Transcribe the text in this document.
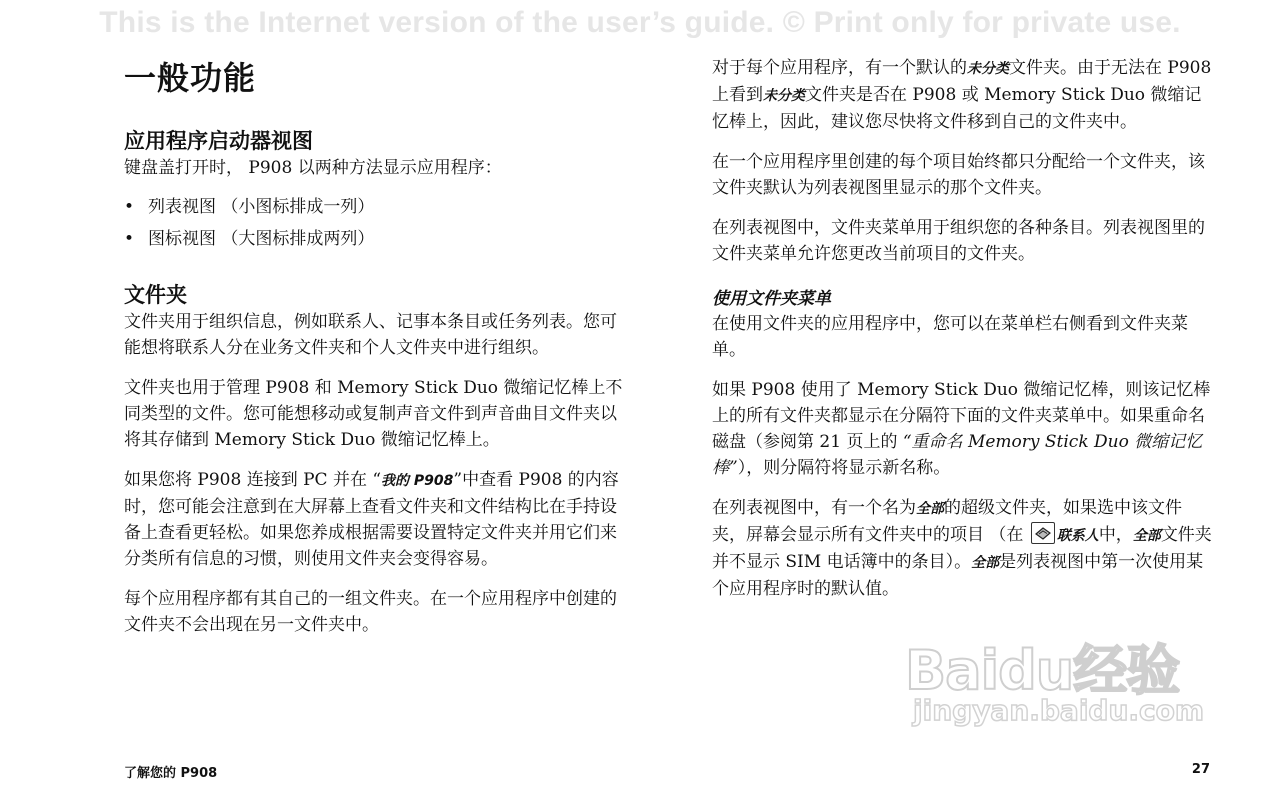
This is the Internet version of the user’s guide. © Print only for private use.
一般功能
应用程序启动器视图

键盘盖打开时， P908 以两种方法显示应用程序：

• 列表视图 （小图标排成一列）
• 图标视图 （大图标排成两列）
文件夹

文件夹用于组织信息，例如联系人、记事本条目或任务列表。您可能想将联系人分在业务文件夹和个人文件夹中进行组织。

文件夹也用于管理 P908 和 Memory Stick Duo 微缩记忆棒上不同类型的文件。您可能想移动或复制声音文件到声音曲目文件夹以将其存储到 Memory Stick Duo 微缩记忆棒上。

如果您将 P908 连接到 PC 并在 “我的 P908”中查看 P908 的内容时，您可能会注意到在大屏幕上查看文件夹和文件结构比在手持设备上查看更轻松。如果您养成根据需要设置特定文件夹并用它们来分类所有信息的习惯，则使用文件夹会变得容易。

每个应用程序都有其自己的一组文件夹。在一个应用程序中创建的文件夹不会出现在另一文件夹中。

对于每个应用程序，有一个默认的未分类文件夹。由于无法在 P908 上看到未分类文件夹是否在 P908 或 Memory Stick Duo 微缩记忆棒上，因此，建议您尽快将文件移到自己的文件夹中。

在一个应用程序里创建的每个项目始终都只分配给一个文件夹，该文件夹默认为列表视图里显示的那个文件夹。

在列表视图中，文件夹菜单用于组织您的各种条目。列表视图里的文件夹菜单允许您更改当前项目的文件夹。

使用文件夹菜单

在使用文件夹的应用程序中，您可以在菜单栏右侧看到文件夹菜单。

如果 P908 使用了 Memory Stick Duo 微缩记忆棒，则该记忆棒上的所有文件夹都显示在分隔符下面的文件夹菜单中。如果重命名磁盘（参阅第 21 页上的 “重命名 Memory Stick Duo 微缩记忆棒”），则分隔符将显示新名称。

在列表视图中，有一个名为全部的超级文件夹，如果选中该文件夹，屏幕会显示所有文件夹中的项目 （在
联系人中，全部文件夹并不显示 SIM 电话簿中的条目）。全部是列表视图中第一次使用某个应用程序时的默认值。

Baidu经验
jingyan.baidu.com
了解您的 P908	27
